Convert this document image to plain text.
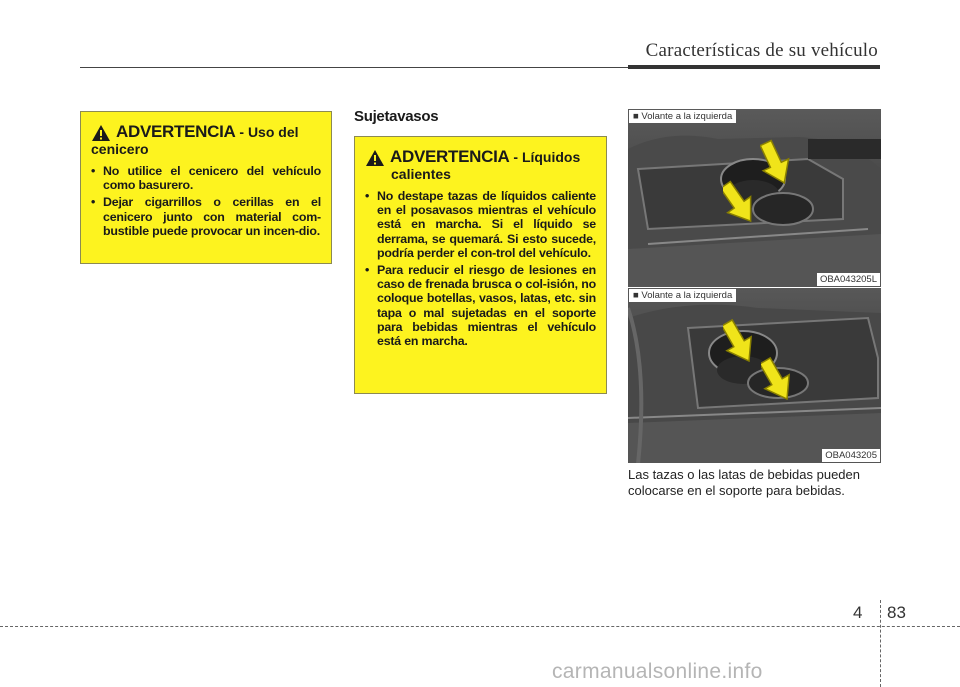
Características de su vehículo
ADVERTENCIA - Uso del
cenicero
• No utilice el cenicero del vehículo como basurero.
• Dejar cigarrillos o cerillas en el cenicero junto con material com-bustible puede provocar un incen-dio.
Sujetavasos
ADVERTENCIA - Líquidos
calientes
• No destape tazas de líquidos caliente en el posavasos mientras el vehículo está en marcha. Si el líquido se derrama, se quemará. Si esto sucede, podría perder el con-trol del vehículo.
• Para reducir el riesgo de lesiones en caso de frenada brusca o col-isión, no coloque botellas, vasos, latas, etc. sin tapa o mal sujetadas en el soporte para bebidas mientras el vehículo está en marcha.
■ Volante a la izquierda
OBA043205L
■ Volante a la izquierda
OBA043205
Las tazas o las latas de bebidas pueden colocarse en el soporte para bebidas.
4 83
carmanualsonline.info
